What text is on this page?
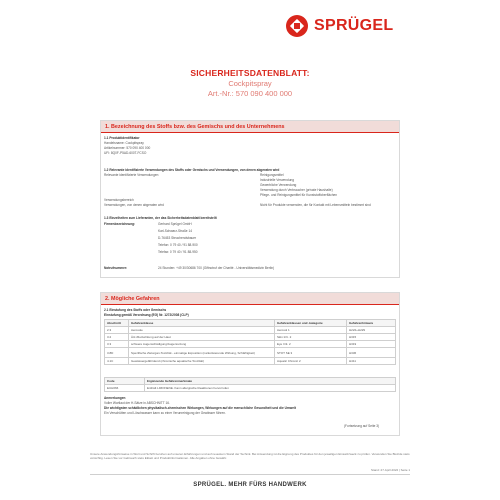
SPRÜGEL
SICHERHEITSDATENBLATT:
Cockpitspray
Art.-Nr.: 570 090 400 000
1. Bezeichnung des Stoffs bzw. des Gemischs und des Unternehmens
1.1 Produktidentifikator
Handelsname: Cockpitspray
Artikelnummer: 570 090 400 000
UFI: 8Q0F-P5AD-600T-FCSO
1.2 Relevante identifizierte Verwendungen des Stoffs oder Gemischs und Verwendungen, von denen abgeraten wird
Relevante identifizierte Verwendungen	Reinigungsmittel
Industrielle Verwendung
Gewerbliche Verwendung
Verwendung durch Verbraucher (private Haushalte)
Pflege- und Reinigungsmittel für Kunststoffoberflächen
Verwendungsbereich
Verwendungen, von denen abgeraten wird	Nicht für Produkte verwenden, die für Kontakt mit Lebensmitteln bestimmt sind
1.3 Einzelheiten zum Lieferanten, der das Sicherheitsdatenblatt bereitstellt
Firmenbezeichnung:	Gerhard Sprügel GmbH
Karl-Schwarz-Straße 14
D-76453 Steuchendsbauer
Telefon: 0 79 40 / 91 88-900
Telefax: 0 79 40 / 91 88-950
Notrufnummer:	24 Stunden: +49 30/30686 700 (Giftnotruf der Charité - Universitätsmedizin Berlin)
2. Mögliche Gefahren
2.1 Einstufung des Stoffs oder Gemischs
Einstufung gemäß Verordnung (EG) Nr. 1272/2008 (CLP)
Abschnitt	Gefahrenklasse	Gefahrenklassen und -kategorie	Gefahrenhinweis
2.3	Aerosole	Aerosol 1	H222+H229
3.2	Ätz-/Reizwirkung auf der Haut	Skin Irrit. 2	H315
3.3	schwere Augenschädigung/Augenreizung	Eye Irrit. 2	H319
3.8D	Spezifische Zielorgan-Toxizität - einmalige Exposition (narkotisierende Wirkung, Schläfrigkeit)	STOT SE 3	H336
4.1C	Gewässergefährdend (chronische aquatische Toxizität)	Aquatic Chronic 2	H411
Code	Ergänzende Gefahrenmerkmale
EUH066	Enthält LIMONENE. Kann allergische Reaktionen hervorrufen
Anmerkungen
Voller Wortlaut der H-Sätze in ABSCHNITT 16.
Die wichtigsten schädlichen physikalisch-chemischen Wirkungen, Wirkungen auf die menschliche Gesundheit und die Umwelt
Ein Verschütten und Löschwasser kann zu einer Verunreinigung der Gewässer führen.
(Fortsetzung auf Seite 3)
Unsere Anwendungshinweise in Wort und Schrift beruhen auf unseren Erfahrungen und auf neuestem Stand der Technik. Bei Anwendung ist die Eignung des Produktes für den jeweiligen Einsatzzweck zu prüfen. Verwenden Sie Biozide stets vorsichtig. Lesen Sie vor Gebrauch stets Etikett und Produktinformationen. Alle Angaben ohne Gewähr.
Stand: 27.April.2022 | Seite 1
SPRÜGEL. MEHR FÜRS HANDWERK
